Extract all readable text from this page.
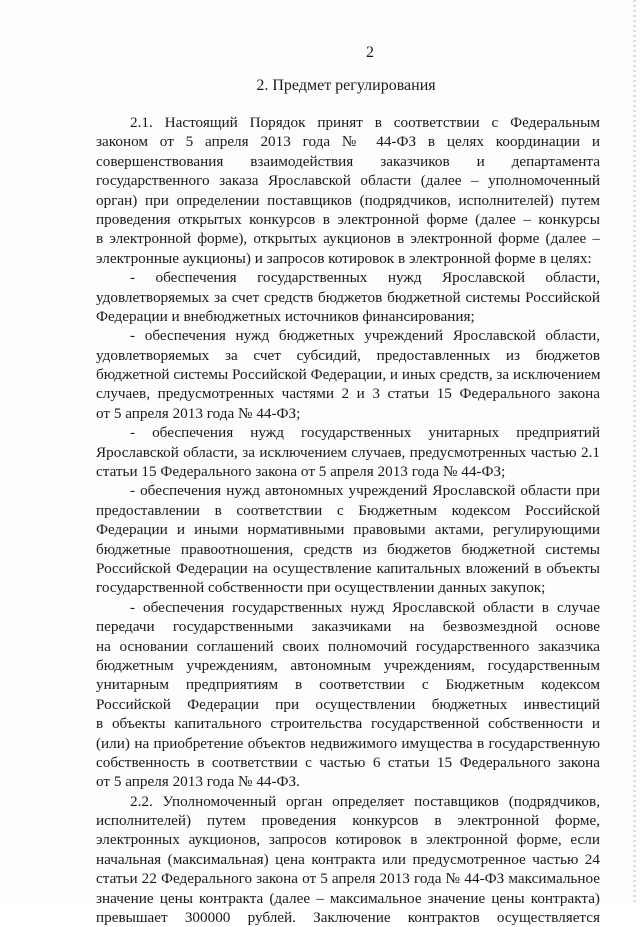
2
2. Предмет регулирования
2.1. Настоящий Порядок принят в соответствии с Федеральным
законом от 5 апреля 2013 года № 44-ФЗ в целях координации и
совершенствования взаимодействия заказчиков и департамента
государственного заказа Ярославской области (далее – уполномоченный
орган) при определении поставщиков (подрядчиков, исполнителей) путем
проведения открытых конкурсов в электронной форме (далее – конкурсы
в электронной форме), открытых аукционов в электронной форме (далее –
электронные аукционы) и запросов котировок в электронной форме в целях:
- обеспечения государственных нужд Ярославской области,
удовлетворяемых за счет средств бюджетов бюджетной системы Российской
Федерации и внебюджетных источников финансирования;
- обеспечения нужд бюджетных учреждений Ярославской области,
удовлетворяемых за счет субсидий, предоставленных из бюджетов
бюджетной системы Российской Федерации, и иных средств, за исключением
случаев, предусмотренных частями 2 и 3 статьи 15 Федерального закона
от 5 апреля 2013 года № 44-ФЗ;
- обеспечения нужд государственных унитарных предприятий
Ярославской области, за исключением случаев, предусмотренных частью 2.1
статьи 15 Федерального закона от 5 апреля 2013 года № 44-ФЗ;
- обеспечения нужд автономных учреждений Ярославской области при
предоставлении в соответствии с Бюджетным кодексом Российской
Федерации и иными нормативными правовыми актами, регулирующими
бюджетные правоотношения, средств из бюджетов бюджетной системы
Российской Федерации на осуществление капитальных вложений в объекты
государственной собственности при осуществлении данных закупок;
- обеспечения государственных нужд Ярославской области в случае
передачи государственными заказчиками на безвозмездной основе
на основании соглашений своих полномочий государственного заказчика
бюджетным учреждениям, автономным учреждениям, государственным
унитарным предприятиям в соответствии с Бюджетным кодексом
Российской Федерации при осуществлении бюджетных инвестиций
в объекты капитального строительства государственной собственности и
(или) на приобретение объектов недвижимого имущества в государственную
собственность в соответствии с частью 6 статьи 15 Федерального закона
от 5 апреля 2013 года № 44-ФЗ.
2.2. Уполномоченный орган определяет поставщиков (подрядчиков,
исполнителей) путем проведения конкурсов в электронной форме,
электронных аукционов, запросов котировок в электронной форме, если
начальная (максимальная) цена контракта или предусмотренное частью 24
статьи 22 Федерального закона от 5 апреля 2013 года № 44-ФЗ максимальное
значение цены контракта (далее – максимальное значение цены контракта)
превышает 300000 рублей. Заключение контрактов осуществляется
